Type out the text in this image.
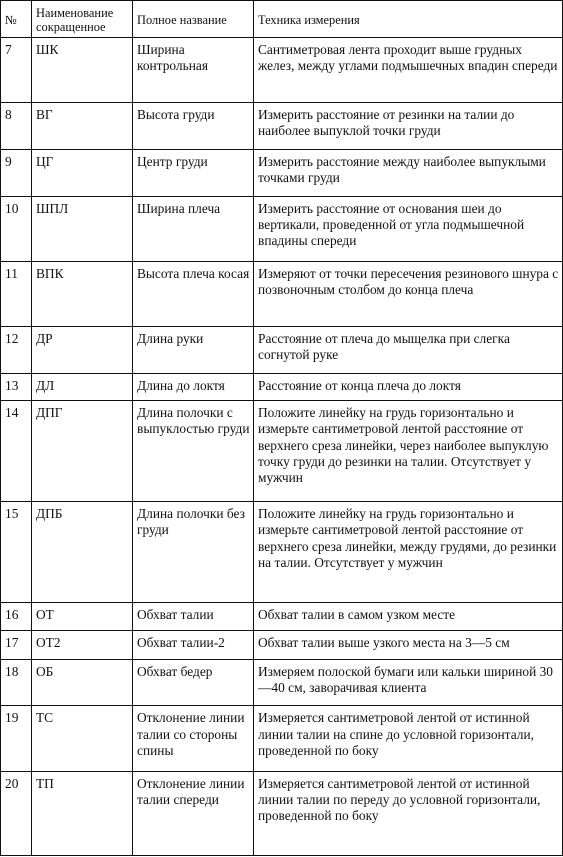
№	Наименование сокращенное	Полное название	Техника измерения
7	ШК	Ширина контрольная	Сантиметровая лента проходит выше грудных желез, между углами подмышечных впадин спереди
8	ВГ	Высота груди	Измерить расстояние от резинки на талии до наиболее выпуклой точки груди
9	ЦГ	Центр груди	Измерить расстояние между наиболее выпуклыми точками груди
10	ШПЛ	Ширина плеча	Измерить расстояние от основания шеи до вертикали, проведенной от угла подмышечной впадины спереди
11	ВПК	Высота плеча косая	Измеряют от точки пересечения резинового шнура с позвоночным столбом до конца плеча
12	ДР	Длина руки	Расстояние от плеча до мыщелка при слегка согнутой руке
13	ДЛ	Длина до локтя	Расстояние от конца плеча до локтя
14	ДПГ	Длина полочки с выпуклостью груди	Положите линейку на грудь горизонтально и измерьте сантиметровой лентой расстояние от верхнего среза линейки, через наиболее выпуклую точку груди до резинки на талии. Отсутствует у мужчин
15	ДПБ	Длина полочки без груди	Положите линейку на грудь горизонтально и измерьте сантиметровой лентой расстояние от верхнего среза линейки, между грудями, до резинки на талии. Отсутствует у мужчин
16	ОТ	Обхват талии	Обхват талии в самом узком месте
17	ОТ2	Обхват талии-2	Обхват талии выше узкого места на 3—5 см
18	ОБ	Обхват бедер	Измеряем полоской бумаги или кальки шириной 30—40 см, заворачивая клиента
19	ТС	Отклонение линии талии со стороны спины	Измеряется сантиметровой лентой от истинной линии талии на спине до условной горизонтали, проведенной по боку
20	ТП	Отклонение линии талии спереди	Измеряется сантиметровой лентой от истинной линии талии по переду до условной горизонтали, проведенной по боку
